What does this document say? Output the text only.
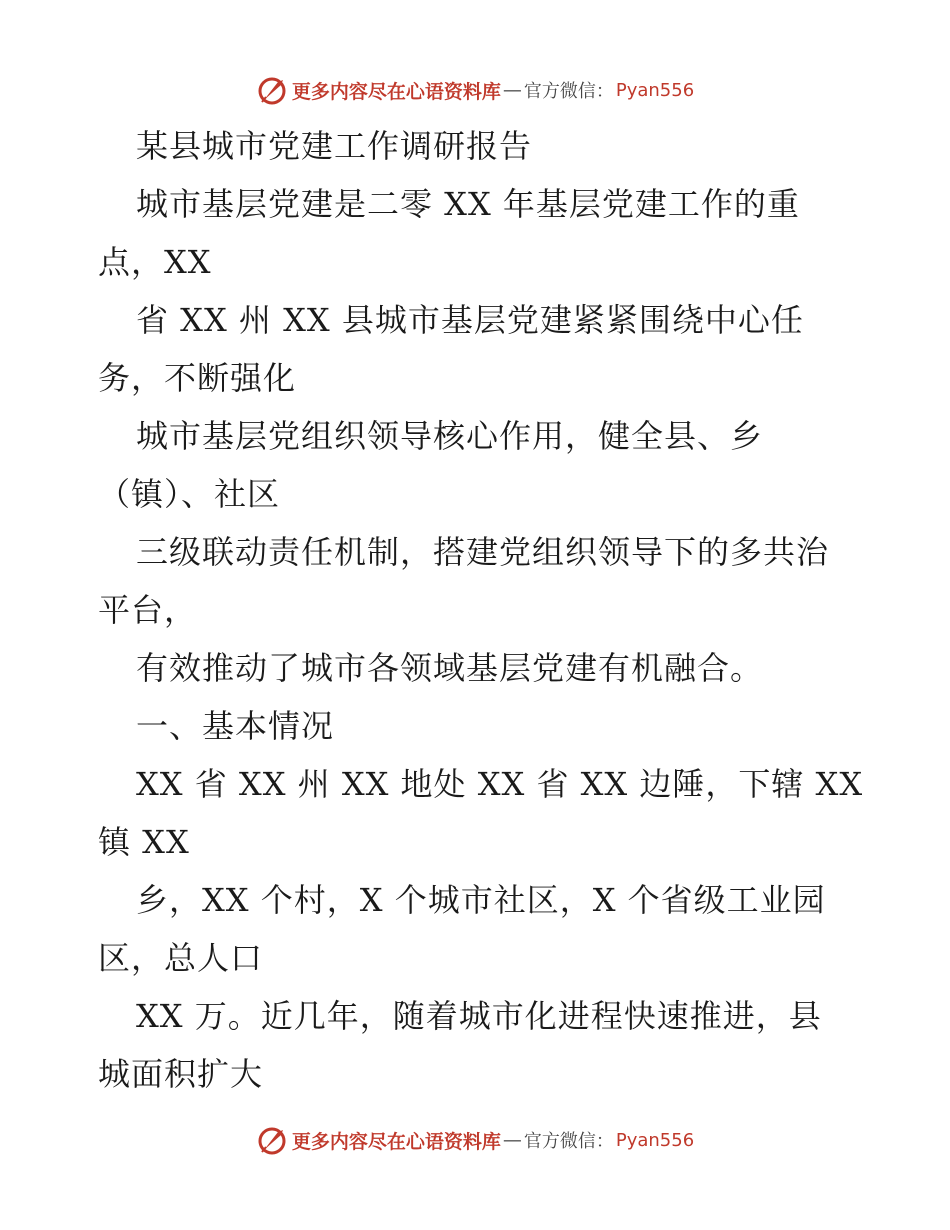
更多内容尽在心语资料库 — 官方微信： Pyan556
某县城市党建工作调研报告
城市基层党建是二零 XX 年基层党建工作的重
点，XX
省 XX 州 XX 县城市基层党建紧紧围绕中心任
务，不断强化
城市基层党组织领导核心作用，健全县、乡
（镇）、社区
三级联动责任机制，搭建党组织领导下的多共治
平台，
有效推动了城市各领域基层党建有机融合。
一、基本情况
XX 省 XX 州 XX 地处 XX 省 XX 边陲，下辖 XX
镇 XX
乡，XX 个村，X 个城市社区，X 个省级工业园
区，总人口
XX 万。近几年，随着城市化进程快速推进，县
城面积扩大
更多内容尽在心语资料库 — 官方微信： Pyan556
